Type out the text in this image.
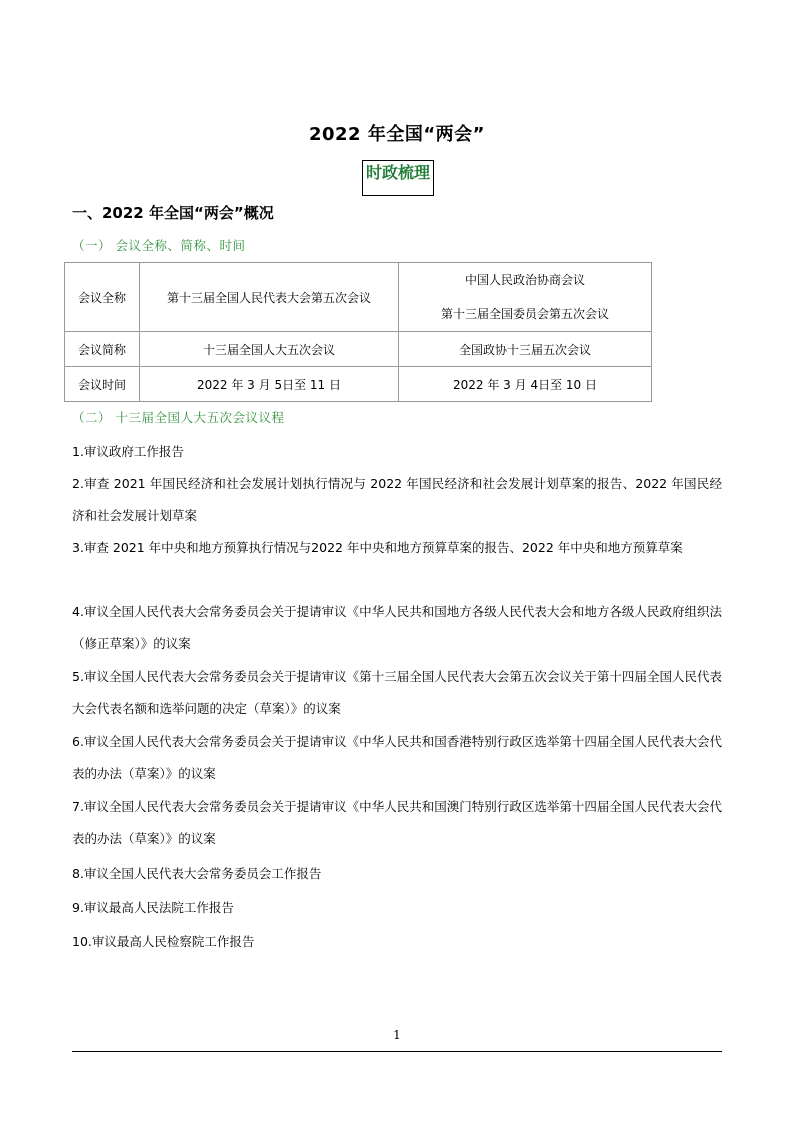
2022 年全国“两会”
时政梳理
一、2022 年全国“两会”概况
（一） 会议全称、简称、时间
会议全称	第十三届全国人民代表大会第五次会议	中国人民政治协商会议
第十三届全国委员会第五次会议

会议简称	十三届全国人大五次会议	全国政协十三届五次会议
会议时间	2022 年 3 月 5日至 11 日	2022 年 3 月 4日至 10 日
（二） 十三届全国人大五次会议议程
1.审议政府工作报告
2.审查 2021 年国民经济和社会发展计划执行情况与 2022 年国民经济和社会发展计划草案的报告、2022 年国民经济和社会发展计划草案
3.审查 2021 年中央和地方预算执行情况与2022 年中央和地方预算草案的报告、2022 年中央和地方预算草案
4.审议全国人民代表大会常务委员会关于提请审议《中华人民共和国地方各级人民代表大会和地方各级人民政府组织法（修正草案）》的议案
5.审议全国人民代表大会常务委员会关于提请审议《第十三届全国人民代表大会第五次会议关于第十四届全国人民代表大会代表名额和选举问题的决定（草案）》的议案
6.审议全国人民代表大会常务委员会关于提请审议《中华人民共和国香港特别行政区选举第十四届全国人民代表大会代表的办法（草案）》的议案
7.审议全国人民代表大会常务委员会关于提请审议《中华人民共和国澳门特别行政区选举第十四届全国人民代表大会代表的办法（草案）》的议案
8.审议全国人民代表大会常务委员会工作报告
9.审议最高人民法院工作报告
10.审议最高人民检察院工作报告
1
